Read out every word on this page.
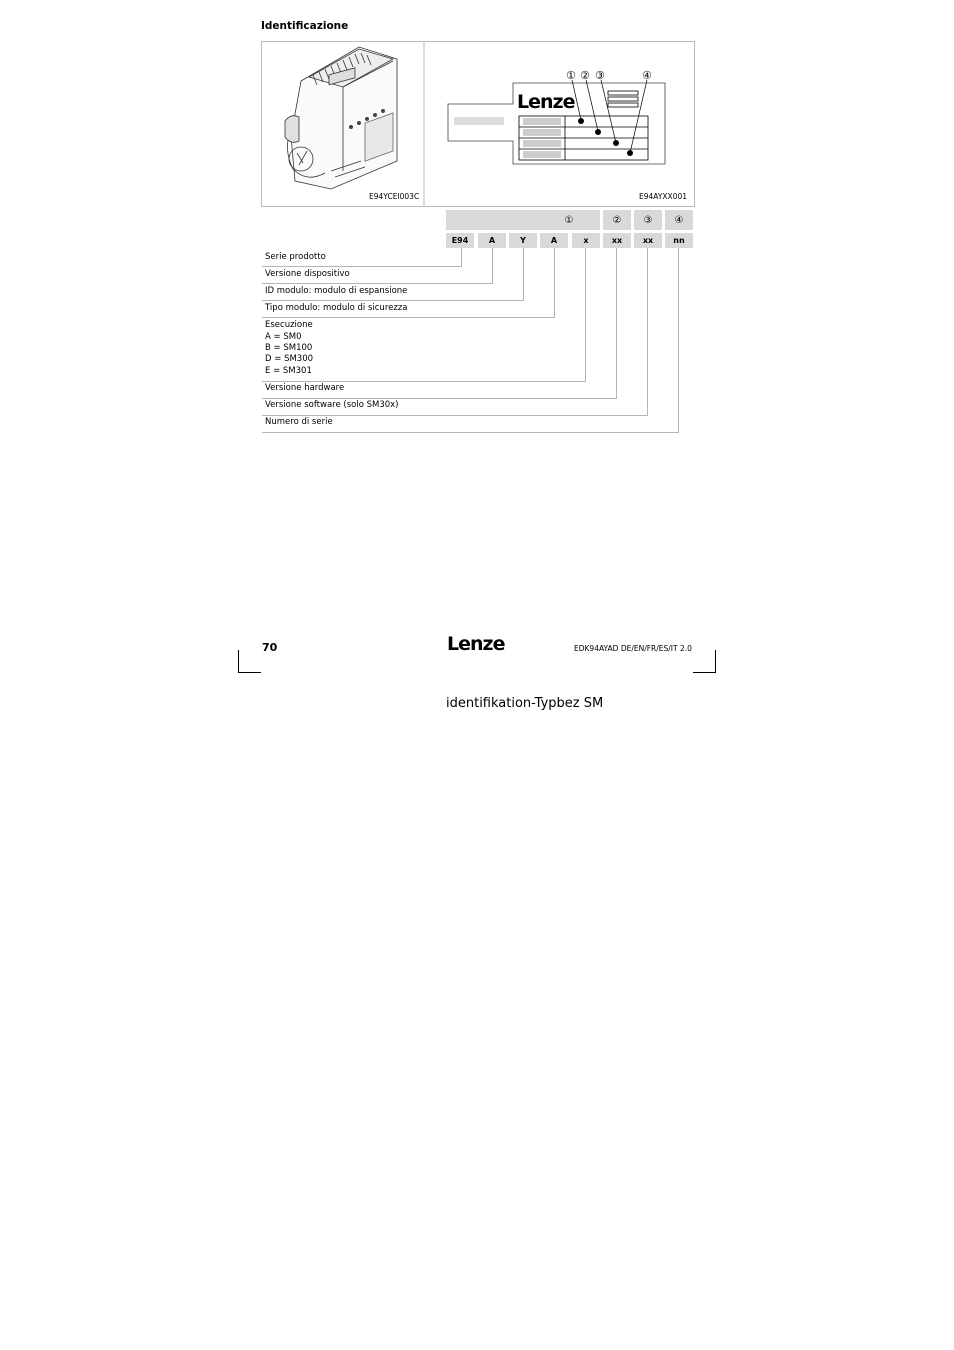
Identificazione
E94YCEI003C
Lenze
① ② ③	④
E94AYXX001
①	②	③	④
E94	A	Y	A	x	xx	xx	nn
Serie prodotto
Versione dispositivo
ID modulo: modulo di espansione
Tipo modulo: modulo di sicurezza
Esecuzione
A = SM0
B = SM100
D = SM300
E = SM301
Versione hardware
Versione software (solo SM30x)
Numero di serie
70	Lenze	EDK94AYAD DE/EN/FR/ES/IT 2.0
identifikation-Typbez SM
